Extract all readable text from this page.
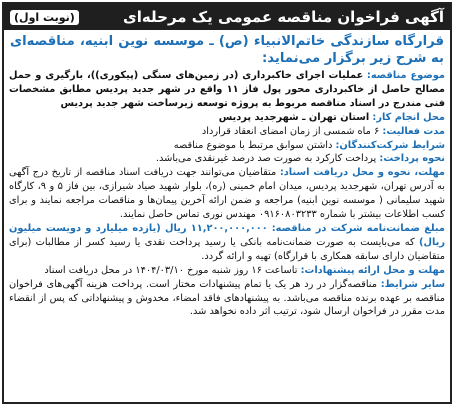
آگهی فراخوان مناقصه عمومی یک مرحله‌ای
(نوبت اول)
قرارگاه سازندگی خاتم‌الانبیاء (ص) ـ موسسه نوین ابنیه، مناقصه‌ای به شرح زیر برگزار می‌نماید:

موضوع مناقصه: عملیات اجرای خاکبرداری (در زمین‌های سنگی (پیکوری))، بارگیری و حمل مصالح حاصل از خاکبرداری محور پول فاز ۱۱ واقع در شهر جدید پردیس مطابق مشخصات فنی مندرج در اسناد مناقصه مربوط به پروژه توسعه زیرساخت شهر جدید پردیس

محل انجام کار: استان تهران ـ شهرجدید پردیس

مدت فعالیت: ۶ ماه شمسی از زمان امضای انعقاد قرارداد

شرایط شرکت‌کنندگان: داشتن سوابق مرتبط با موضوع مناقصه

نحوه پرداخت: پرداخت کارکرد به صورت صد درصد غیرنقدی می‌باشد.

مهلت، نحوه و محل دریافت اسناد: متقاضیان می‌توانند جهت دریافت اسناد مناقصه از تاریخ درج آگهی به آدرس تهران، شهرجدید پردیس، میدان امام خمینی (ره)، بلوار شهید صیاد شیرازی، بین فاز ۵ و ۹، کارگاه شهید سلیمانی ( موسسه نوین ابنیه) مراجعه و ضمن ارائه آخرین پیمان‌ها و مناقصات مراجعه نمایند و برای کسب اطلاعات بیشتر با شماره ۰۹۱۶۰۸۰۳۲۳۳ مهندس نوری تماس حاصل نمایند.

مبلغ ضمانت‌نامه شرکت در مناقصه: ۱۱,۲۰۰,۰۰۰,۰۰۰ ریال (یازده میلیارد و دویست میلیون ریال) که می‌بایست به صورت ضمانت‌نامه بانکی یا رسید پرداخت نقدی یا رسید کسر از مطالبات (برای متقاضیان دارای سابقه همکاری با قرارگاه) تهیه و ارائه گردد.

مهلت و محل ارائه پیشنهادات: تاساعت ۱۶ روز شنبه مورخ ۱۴۰۴/۰۳/۱۰ در محل دریافت اسناد

سایر شرایط: مناقصه‌گزار در رد هر یک یا تمام پیشنهادات مختار است. پرداخت هزینه آگهی‌های فراخوان مناقصه بر عهده برنده مناقصه می‌باشد. به پیشنهادهای فاقد امضاء، مخدوش و پیشنهاداتی که پس از انقضاء مدت مقرر در فراخوان ارسال شود، ترتیب اثر داده نخواهد شد.
